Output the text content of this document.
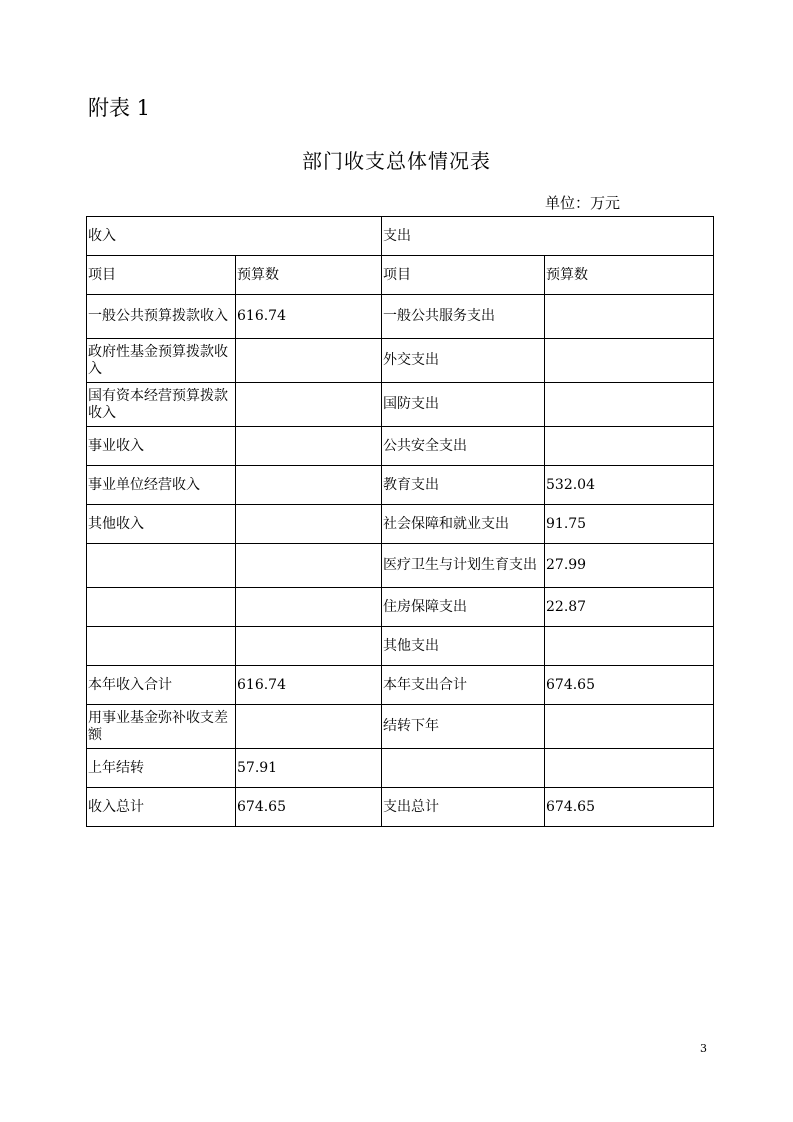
附表 1
部门收支总体情况表
单位：万元
收入		支出	
项目	预算数	项目	预算数
一般公共预算拨款收入	616.74	一般公共服务支出	
政府性基金预算拨款收入		外交支出	
国有资本经营预算拨款收入		国防支出	
事业收入		公共安全支出	
事业单位经营收入		教育支出	532.04
其他收入		社会保障和就业支出	91.75
		医疗卫生与计划生育支出	27.99
		住房保障支出	22.87
		其他支出	
本年收入合计	616.74	本年支出合计	674.65
用事业基金弥补收支差额		结转下年	
上年结转	57.91		
收入总计	674.65	支出总计	674.65
3
